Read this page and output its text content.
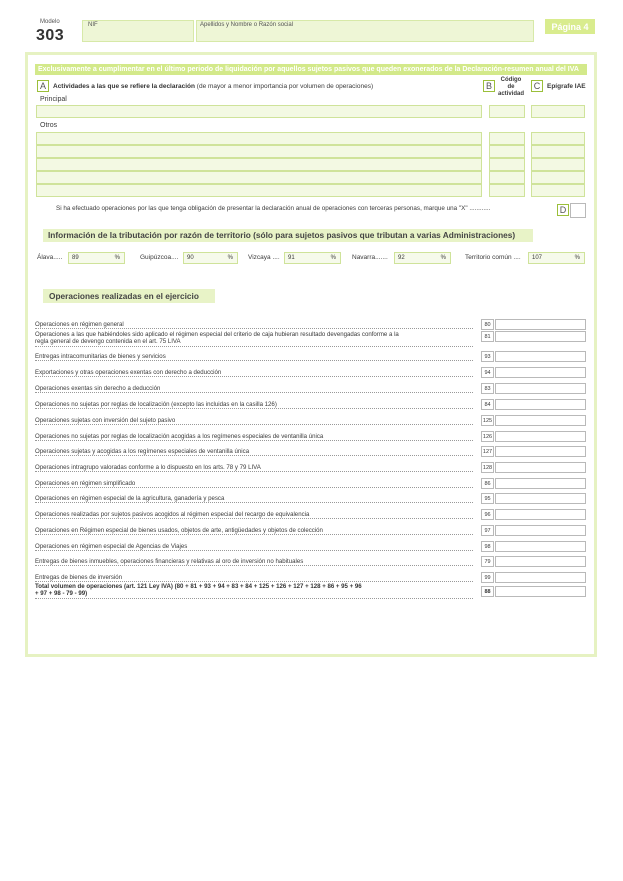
Modelo
303
NIF	Apellidos y Nombre o Razón social	Página 4
Exclusivamente a cumplimentar en el último periodo de liquidación por aquellos sujetos pasivos que queden exonerados de la Declaración-resumen anual del IVA
A	Actividades a las que se refiere la declaración (de mayor a menor importancia por volumen de operaciones)	B
Código de actividad
C	Epígrafe IAE
Principal
Otros
Si ha efectuado operaciones por las que tenga obligación de presentar la declaración anual de operaciones con terceras personas, marque una "X" ............	D
Información de la tributación por razón de territorio (sólo para sujetos pasivos que tributan a varias Administraciones)
Álava..... 89	%	Guipúzcoa.... 90	% Vizcaya .... 91	% Navarra....... 92	%	Territorio común .... 107	%
Operaciones realizadas en el ejercicio
Operaciones en régimen general	80
Operaciones a las que habiéndoles sido aplicado el régimen especial del criterio de caja hubieran resultado devengadas conforme a la
regla general de devengo contenida en el art. 75 LIVA
81
Entregas intracomunitarias de bienes y servicios	93
Exportaciones y otras operaciones exentas con derecho a deducción	94
Operaciones exentas sin derecho a deducción	83
Operaciones no sujetas por reglas de localización (excepto las incluidas en la casilla 126)	84
Operaciones sujetas con inversión del sujeto pasivo	125
Operaciones no sujetas por reglas de localización acogidas a los regímenes especiales de ventanilla única	126
Operaciones sujetas y acogidas a los regímenes especiales de ventanilla única	127
Operaciones intragrupo valoradas conforme a lo dispuesto en los arts. 78 y 79 LIVA	128
Operaciones en régimen simplificado	86
Operaciones en régimen especial de la agricultura, ganadería y pesca	95
Operaciones realizadas por sujetos pasivos acogidos al régimen especial del recargo de equivalencia	96
Operaciones en Régimen especial de bienes usados, objetos de arte, antigüedades y objetos de colección	97
Operaciones en régimen especial de Agencias de Viajes	98
Entregas de bienes inmuebles, operaciones financieras y relativas al oro de inversión no habituales	79
Entregas de bienes de inversión	99
Total volumen de operaciones (art. 121 Ley IVA) (80 + 81 + 93 + 94 + 83 + 84 + 125 + 126 + 127 + 128 + 86 + 95 + 96
+ 97 + 98 - 79 - 99)	88
